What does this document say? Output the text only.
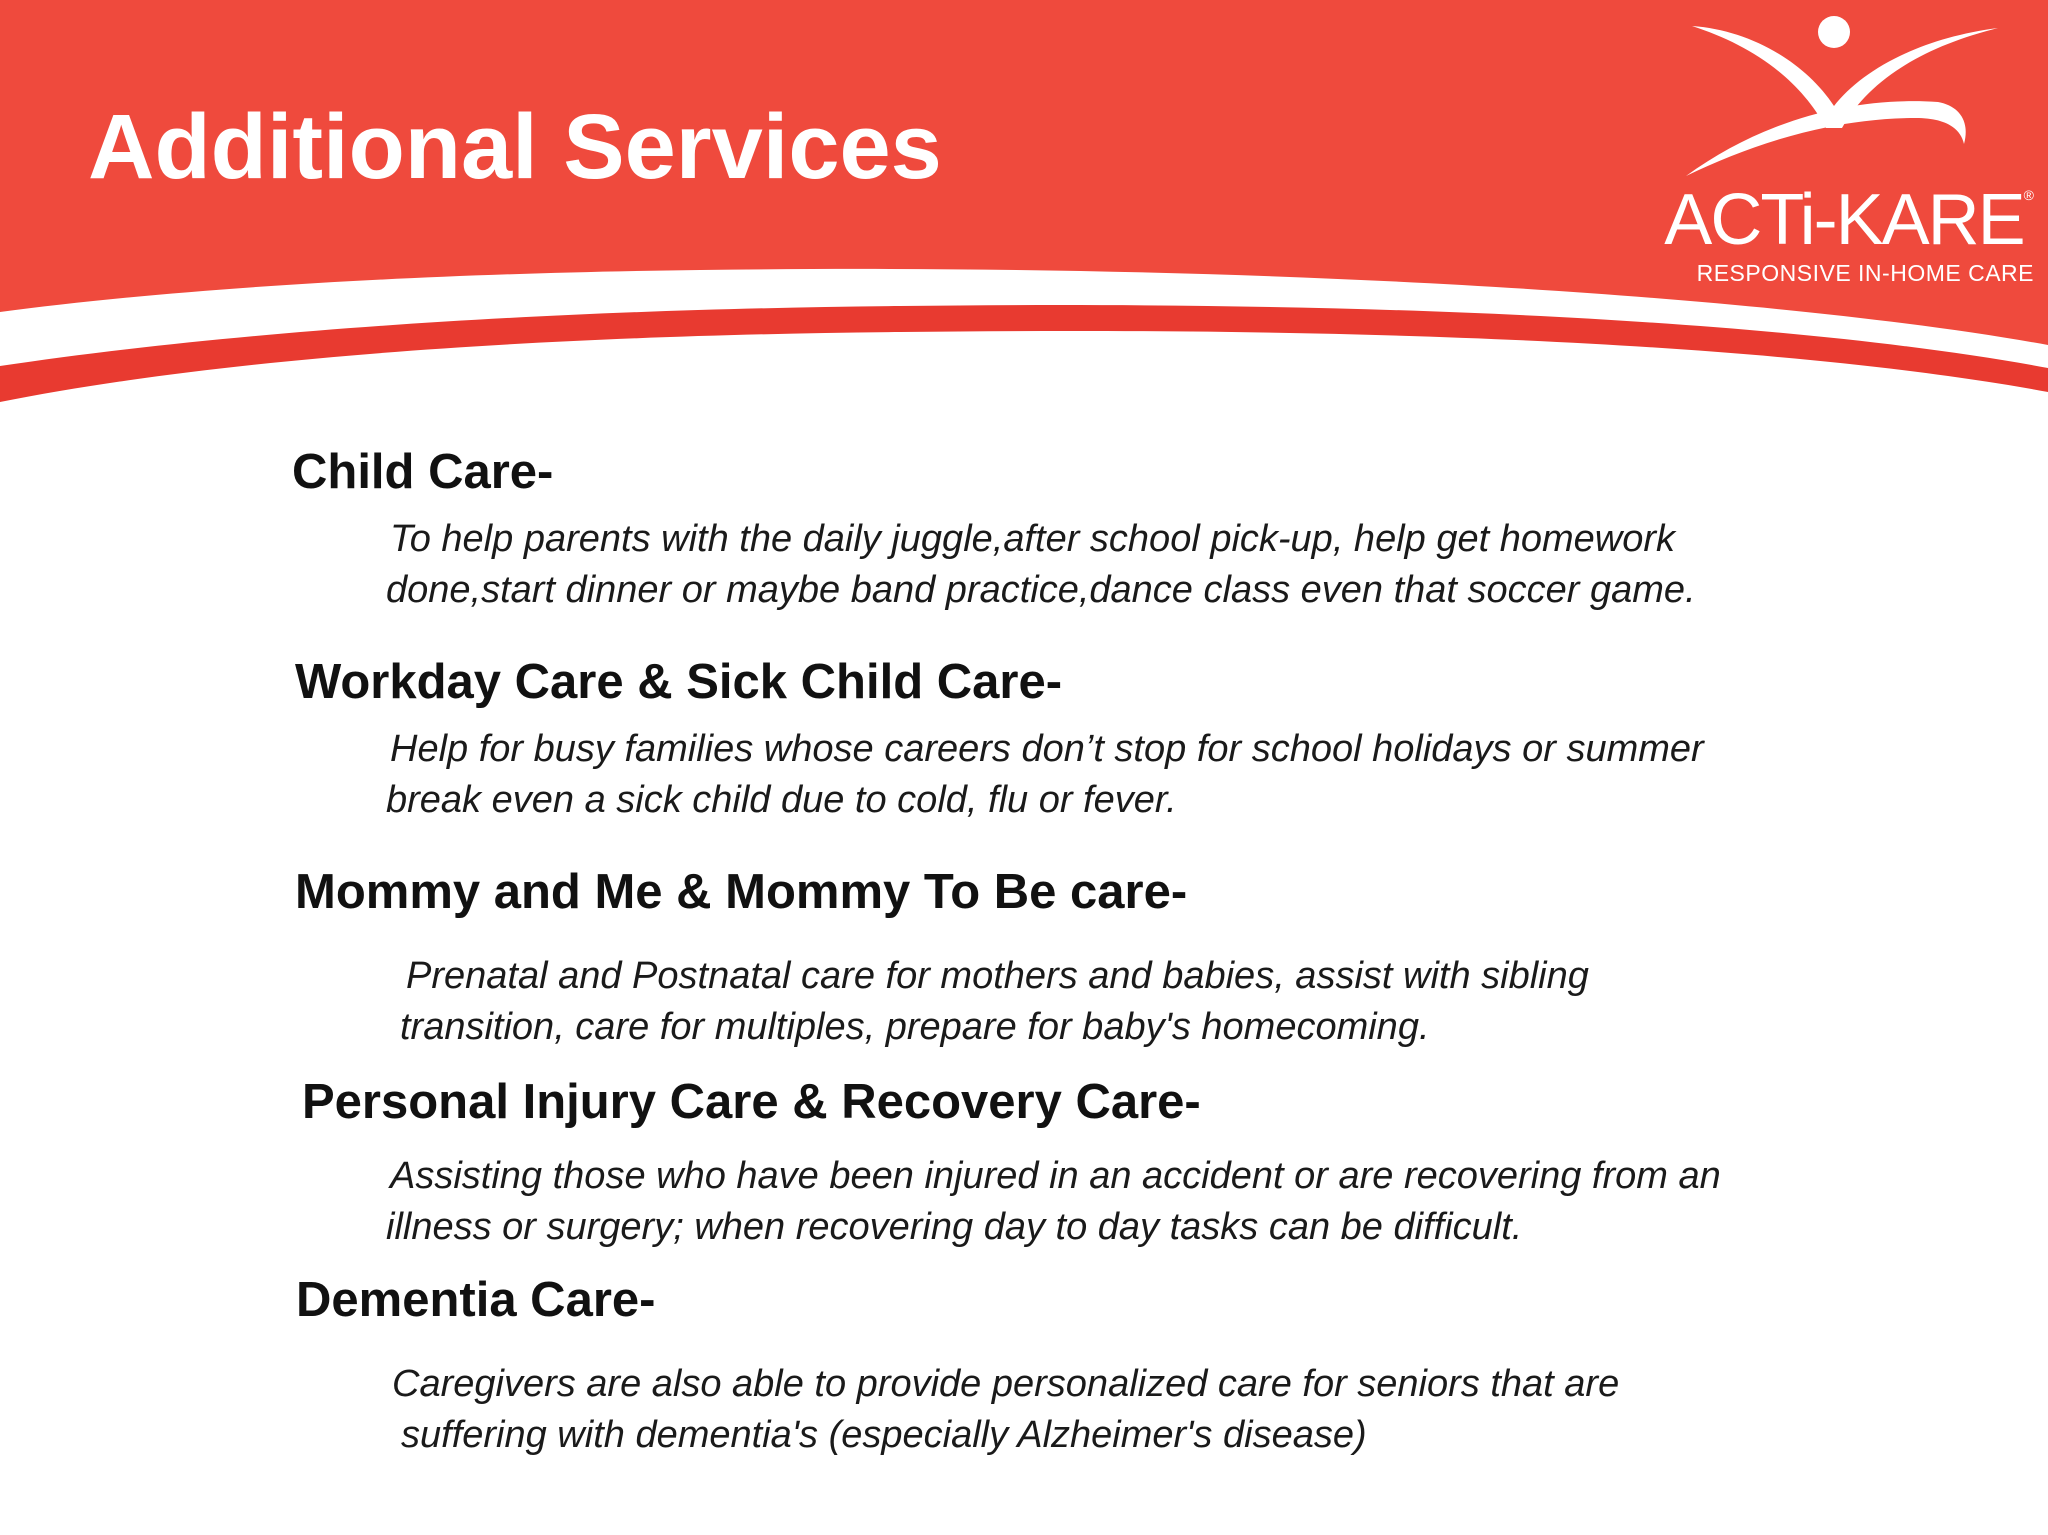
Additional Services
ACTi-KARE®
RESPONSIVE IN-HOME CARE
Child Care-

To help parents with the daily juggle,after school pick-up, help get homework
done,start dinner or maybe band practice,dance class even that soccer game.

Workday Care & Sick Child Care-

Help for busy families whose careers don’t stop for school holidays or summer
break even a sick child due to cold, flu or fever.

Mommy and Me & Mommy To Be care-

Prenatal and Postnatal care for mothers and babies, assist with sibling
transition, care for multiples, prepare for baby's homecoming.

Personal Injury Care & Recovery Care-

Assisting those who have been injured in an accident or are recovering from an
illness or surgery; when recovering day to day tasks can be difficult.

Dementia Care-

Caregivers are also able to provide personalized care for seniors that are
suffering with dementia's (especially Alzheimer's disease)
